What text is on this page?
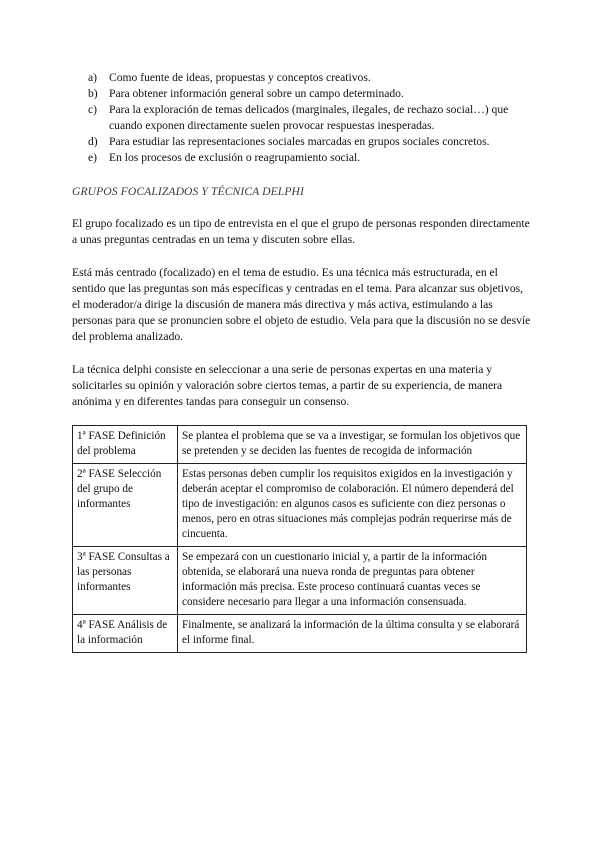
a) Como fuente de ideas, propuestas y conceptos creativos.
b) Para obtener información general sobre un campo determinado.
c) Para la exploración de temas delicados (marginales, ilegales, de rechazo social…) que cuando exponen directamente suelen provocar respuestas inesperadas.
d) Para estudiar las representaciones sociales marcadas en grupos sociales concretos.
e) En los procesos de exclusión o reagrupamiento social.
GRUPOS FOCALIZADOS Y TÉCNICA DELPHI

El grupo focalizado es un tipo de entrevista en el que el grupo de personas responden directamente a unas preguntas centradas en un tema y discuten sobre ellas.

Está más centrado (focalizado) en el tema de estudio. Es una técnica más estructurada, en el sentido que las preguntas son más específicas y centradas en el tema. Para alcanzar sus objetivos, el moderador/a dirige la discusión de manera más directiva y más activa, estimulando a las personas para que se pronuncien sobre el objeto de estudio. Vela para que la discusión no se desvíe del problema analizado.

La técnica delphi consiste en seleccionar a una serie de personas expertas en una materia y solicitarles su opinión y valoración sobre ciertos temas, a partir de su experiencia, de manera anónima y en diferentes tandas para conseguir un consenso.

1ª FASE Definición del problema	Se plantea el problema que se va a investigar, se formulan los objetivos que se pretenden y se deciden las fuentes de recogida de información
2ª FASE Selección del grupo de informantes	Estas personas deben cumplir los requisitos exigidos en la investigación y deberán aceptar el compromiso de colaboración. El número dependerá del tipo de investigación: en algunos casos es suficiente con diez personas o menos, pero en otras situaciones más complejas podrán requerirse más de cincuenta.
3ª FASE Consultas a las personas informantes	Se empezará con un cuestionario inicial y, a partir de la información obtenida, se elaborará una nueva ronda de preguntas para obtener información más precisa. Este proceso continuará cuantas veces se considere necesario para llegar a una información consensuada.
4ª FASE Análisis de la información	Finalmente, se analizará la información de la última consulta y se elaborará el informe final.
